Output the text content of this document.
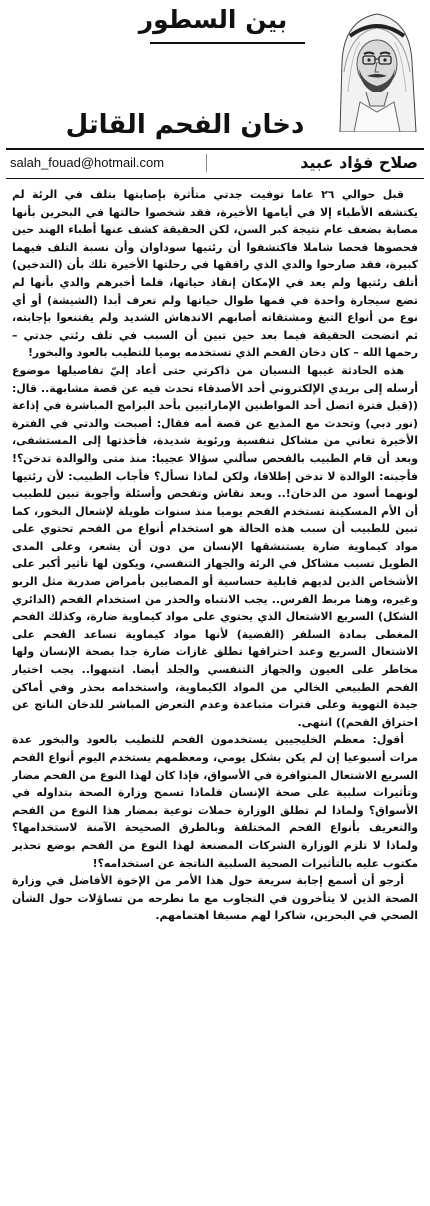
بين السطور
دخان الفحم القاتل
صلاح فؤاد عبيد
salah_fouad@hotmail.com

قبل حوالي ٢٦ عاما توفيت جدتي متأثرة بإصابتها بتلف في الرئة لم يكتشفه الأطباء إلا في أيامها الأخيرة، فقد شخصوا حالتها في البحرين بأنها مصابة بضعف عام نتيجة كبر السن، لكن الحقيقة كشف عنها أطباء الهند حين فحصوها فحصا شاملا فاكتشفوا أن رئتيها سوداوان وأن نسبة التلف فيهما كبيرة، فقد صارحوا والدي الذي رافقها في رحلتها الأخيرة تلك بأن (التدخين) أتلف رئتيها ولم يعد في الإمكان إنقاذ حياتها، فلما أخبرهم والدي بأنها لم تضع سيجارة واحدة في فمها طوال حياتها ولم تعرف أبدا (الشيشة) أو أي نوع من أنواع التبغ ومشتقاته أصابهم الاندهاش الشديد ولم يقتنعوا بإجابته، ثم اتضحت الحقيقة فيما بعد حين تبين أن السبب في تلف رئتي جدتي – رحمها الله – كان دخان الفحم الذي تستخدمه يوميا للتطيب بالعود والبخور!

هذه الحادثة غيبها النسيان من ذاكرتي حتى أعاد إليّ تفاصيلها موضوع أرسله إلى بريدي الإلكتروني أحد الأصدقاء تحدث فيه عن قصة مشابهة.. قال: ((قبل فترة اتصل أحد المواطنين الإماراتيين بأحد البرامج المباشرة في إذاعة (نور دبي) وتحدث مع المذيع عن قصة أمه فقال: أصبحت والدتي في الفترة الأخيرة تعاني من مشاكل تنفسية ورئوية شديدة، فأخذتها إلى المستشفى، وبعد أن قام الطبيب بالفحص سألني سؤالا عجيبا: منذ متى والوالدة تدخن؟! فأجبته: الوالدة لا تدخن إطلاقا، ولكن لماذا تسأل؟ فأجاب الطبيب: لأن رئتيها لونهما أسود من الدخان!.. وبعد نقاش وتفحص وأسئلة وأجوبة تبين للطبيب أن الأم المسكينة تستخدم الفحم يوميا منذ سنوات طويلة لإشعال البخور، كما تبين للطبيب أن سبب هذه الحالة هو استخدام أنواع من الفحم تحتوي على مواد كيماوية ضارة يستنشقها الإنسان من دون أن يشعر، وعلى المدى الطويل تسبب مشاكل في الرئة والجهاز التنفسي، ويكون لها تأثير أكبر على الأشخاص الذين لديهم قابلية حساسية أو المصابين بأمراض صدرية مثل الربو وغيره، وهنا مربط الفرس.. يجب الانتباه والحذر من استخدام الفحم (الدائري الشكل) السريع الاشتعال الذي يحتوي على مواد كيماوية ضارة، وكذلك الفحم المغطى بمادة السلفر (الفضية) لأنها مواد كيماوية تساعد الفحم على الاشتعال السريع وعند احتراقها تطلق غازات ضارة جدا بصحة الإنسان ولها مخاطر على العيون والجهاز التنفسي والجلد أيضا. انتبهوا.. يجب اختيار الفحم الطبيعي الخالي من المواد الكيماوية، واستخدامه بحذر وفي أماكن جيدة التهوية وعلى فترات متباعدة وعدم التعرض المباشر للدخان الناتج عن احتراق الفحم)) انتهى.

أقول: معظم الخليجيين يستخدمون الفحم للتطيب بالعود والبخور عدة مرات أسبوعيا إن لم يكن بشكل يومي، ومعظمهم يستخدم اليوم أنواع الفحم السريع الاشتعال المتوافرة في الأسواق، فإذا كان لهذا النوع من الفحم مضار وتأثيرات سلبية على صحة الإنسان فلماذا تسمح وزارة الصحة بتداوله في الأسواق؟ ولماذا لم تطلق الوزارة حملات توعية بمضار هذا النوع من الفحم والتعريف بأنواع الفحم المختلفة وبالطرق الصحيحة الآمنة لاستخدامها؟ ولماذا لا تلزم الوزارة الشركات المصنعة لهذا النوع من الفحم بوضع تحذير مكتوب عليه بالتأثيرات الصحية السلبية الناتجة عن استخدامه؟!

أرجو أن أسمع إجابة سريعة حول هذا الأمر من الإخوة الأفاضل في وزارة الصحة الذين لا يتأخرون في التجاوب مع ما نطرحه من تساؤلات حول الشأن الصحي في البحرين، شاكرا لهم مسبقا اهتمامهم.
